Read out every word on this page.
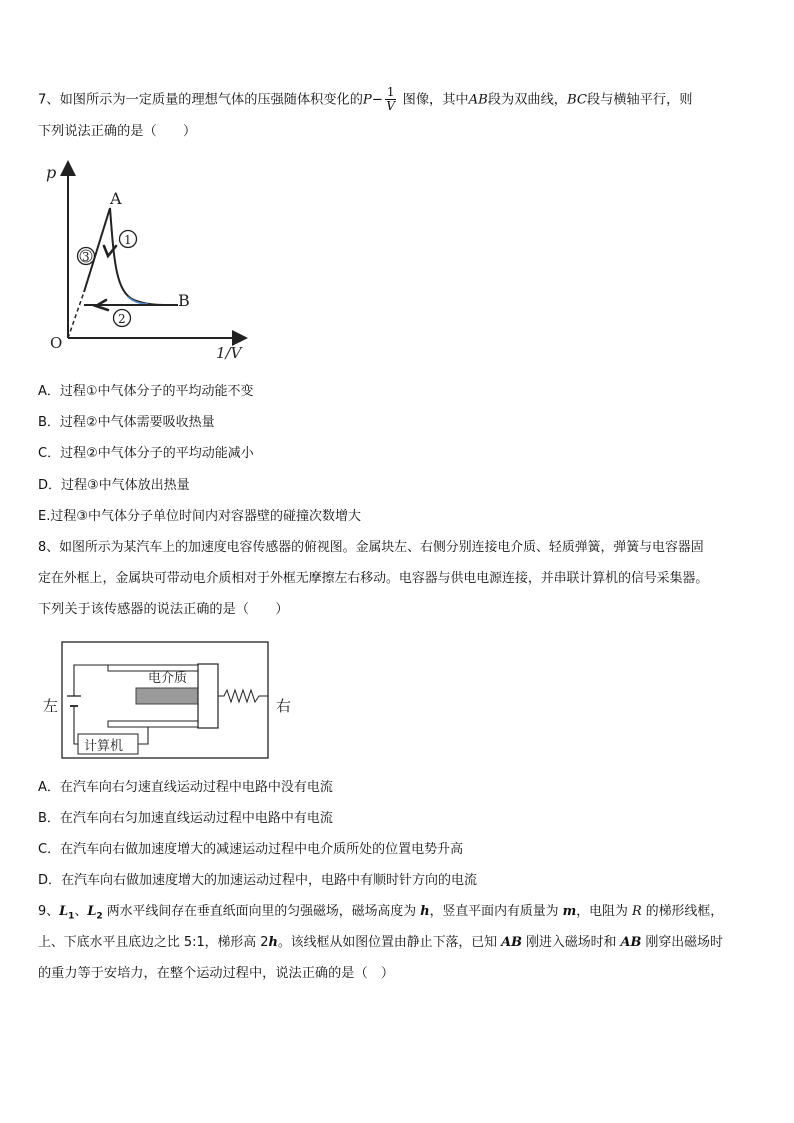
7、如图所示为一定质量的理想气体的压强随体积变化的$P- \frac{1}{V}$ 图像，其中AB段为双曲线，BC段与横轴平行，则
下列说法正确的是（　　）
p
1/V
O
A
B
1
2
3
A．过程①中气体分子的平均动能不变
B．过程②中气体需要吸收热量
C．过程②中气体分子的平均动能减小
D．过程③中气体放出热量
E.过程③中气体分子单位时间内对容器壁的碰撞次数增大
8、如图所示为某汽车上的加速度电容传感器的俯视图。金属块左、右侧分别连接电介质、轻质弹簧，弹簧与电容器固
定在外框上，金属块可带动电介质相对于外框无摩擦左右移动。电容器与供电电源连接，并串联计算机的信号采集器。
下列关于该传感器的说法正确的是（　　）
左	右
电介质
计算机
A．在汽车向右匀速直线运动过程中电路中没有电流
B．在汽车向右匀加速直线运动过程中电路中有电流
C．在汽车向右做加速度增大的减速运动过程中电介质所处的位置电势升高
D．在汽车向右做加速度增大的加速运动过程中，电路中有顺时针方向的电流
9、$L_1$、$L_2$ 两水平线间存在垂直纸面向里的匀强磁场，磁场高度为 h，竖直平面内有质量为 m，电阻为 R 的梯形线框，
上、下底水平且底边之比 5:1，梯形高 2h。该线框从如图位置由静止下落，已知 AB 刚进入磁场时和 AB 刚穿出磁场时
的重力等于安培力，在整个运动过程中，说法正确的是（　）
